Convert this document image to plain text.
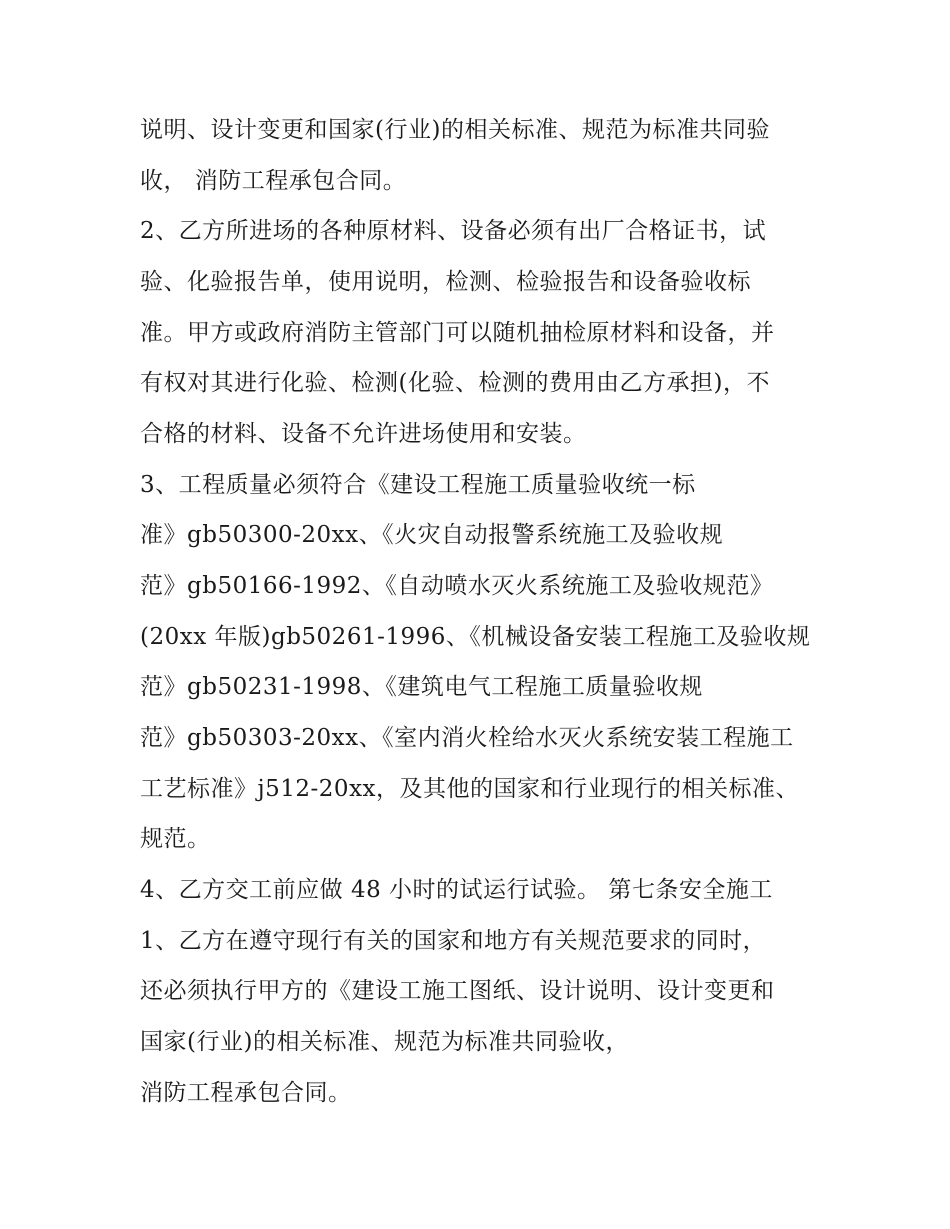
说明、设计变更和国家(行业)的相关标准、规范为标准共同验
收， 消防工程承包合同。
2、乙方所进场的各种原材料、设备必须有出厂合格证书，试
验、化验报告单，使用说明，检测、检验报告和设备验收标
准。甲方或政府消防主管部门可以随机抽检原材料和设备，并
有权对其进行化验、检测(化验、检测的费用由乙方承担)，不
合格的材料、设备不允许进场使用和安装。
3、工程质量必须符合《建设工程施工质量验收统一标
准》gb50300-20xx、《火灾自动报警系统施工及验收规
范》gb50166-1992、《自动喷水灭火系统施工及验收规范》
(20xx 年版)gb50261-1996、《机械设备安装工程施工及验收规
范》gb50231-1998、《建筑电气工程施工质量验收规
范》gb50303-20xx、《室内消火栓给水灭火系统安装工程施工
工艺标准》j512-20xx，及其他的国家和行业现行的相关标准、
规范。
4、乙方交工前应做 48 小时的试运行试验。 第七条安全施工
1、乙方在遵守现行有关的国家和地方有关规范要求的同时，
还必须执行甲方的《建设工施工图纸、设计说明、设计变更和
国家(行业)的相关标准、规范为标准共同验收，
消防工程承包合同。
